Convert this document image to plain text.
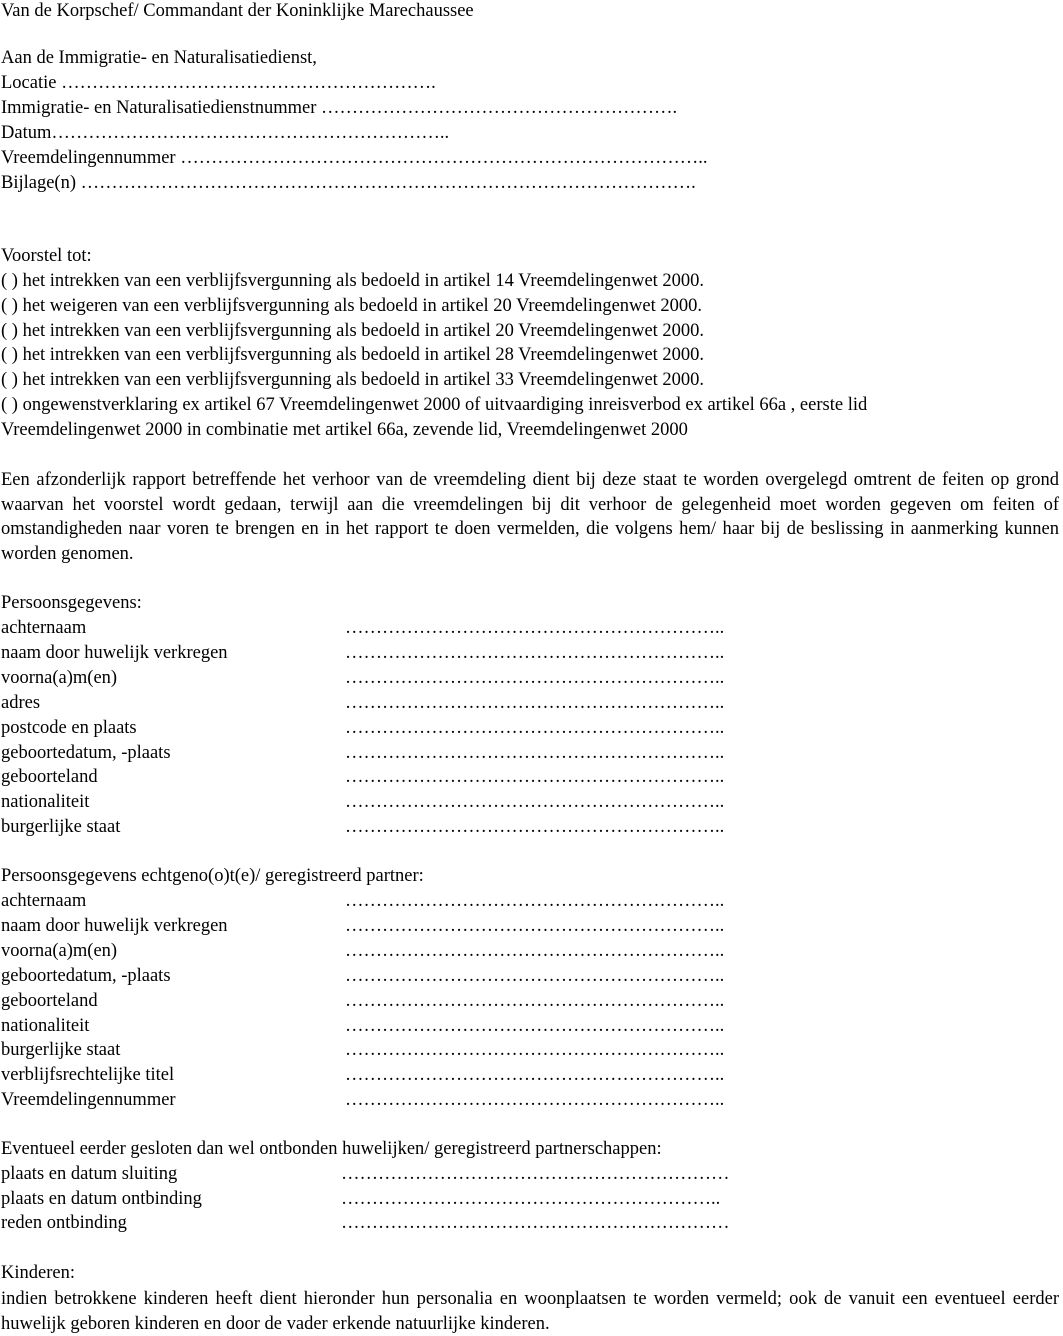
Van de Korpschef/ Commandant der Koninklijke Marechaussee
Aan de Immigratie- en Naturalisatiedienst,
Locatie …………………………………………………….
Immigratie- en Naturalisatiedienstnummer ………………………………………………….
Datum………………………………………………………..
Vreemdelingennummer …………………………………………………………………………..
Bijlage(n) ……………………………………………………………………………………….
Voorstel tot:
( ) het intrekken van een verblijfsvergunning als bedoeld in artikel 14 Vreemdelingenwet 2000.
( ) het weigeren van een verblijfsvergunning als bedoeld in artikel 20 Vreemdelingenwet 2000.
( ) het intrekken van een verblijfsvergunning als bedoeld in artikel 20 Vreemdelingenwet 2000.
( ) het intrekken van een verblijfsvergunning als bedoeld in artikel 28 Vreemdelingenwet 2000.
( ) het intrekken van een verblijfsvergunning als bedoeld in artikel 33 Vreemdelingenwet 2000.
( ) ongewenstverklaring ex artikel 67 Vreemdelingenwet 2000 of uitvaardiging inreisverbod ex artikel 66a , eerste lid
Vreemdelingenwet 2000 in combinatie met artikel 66a, zevende lid, Vreemdelingenwet 2000
Een afzonderlijk rapport betreffende het verhoor van de vreemdeling dient bij deze staat te worden overgelegd omtrent de feiten op grond waarvan het voorstel wordt gedaan, terwijl aan die vreemdelingen bij dit verhoor de gelegenheid moet worden gegeven om feiten of omstandigheden naar voren te brengen en in het rapport te doen vermelden, die volgens hem/ haar bij de beslissing in aanmerking kunnen worden genomen.
Persoonsgegevens:
achternaam	……………………………………………………..
naam door huwelijk verkregen	……………………………………………………..
voorna(a)m(en)	……………………………………………………..
adres	……………………………………………………..
postcode en plaats	……………………………………………………..
geboortedatum, -plaats	……………………………………………………..
geboorteland	……………………………………………………..
nationaliteit	……………………………………………………..
burgerlijke staat	……………………………………………………..
Persoonsgegevens echtgeno(o)t(e)/ geregistreerd partner:
achternaam	……………………………………………………..
naam door huwelijk verkregen	……………………………………………………..
voorna(a)m(en)	……………………………………………………..
geboortedatum, -plaats	……………………………………………………..
geboorteland	……………………………………………………..
nationaliteit	……………………………………………………..
burgerlijke staat	……………………………………………………..
verblijfsrechtelijke titel	……………………………………………………..
Vreemdelingennummer	……………………………………………………..
Eventueel eerder gesloten dan wel ontbonden huwelijken/ geregistreerd partnerschappen:
plaats en datum sluiting	………………………………………………………
plaats en datum ontbinding	……………………………………………………..
reden ontbinding	………………………………………………………
Kinderen:
indien betrokkene kinderen heeft dient hieronder hun personalia en woonplaatsen te worden vermeld; ook de vanuit een eventueel eerder huwelijk geboren kinderen en door de vader erkende natuurlijke kinderen.
